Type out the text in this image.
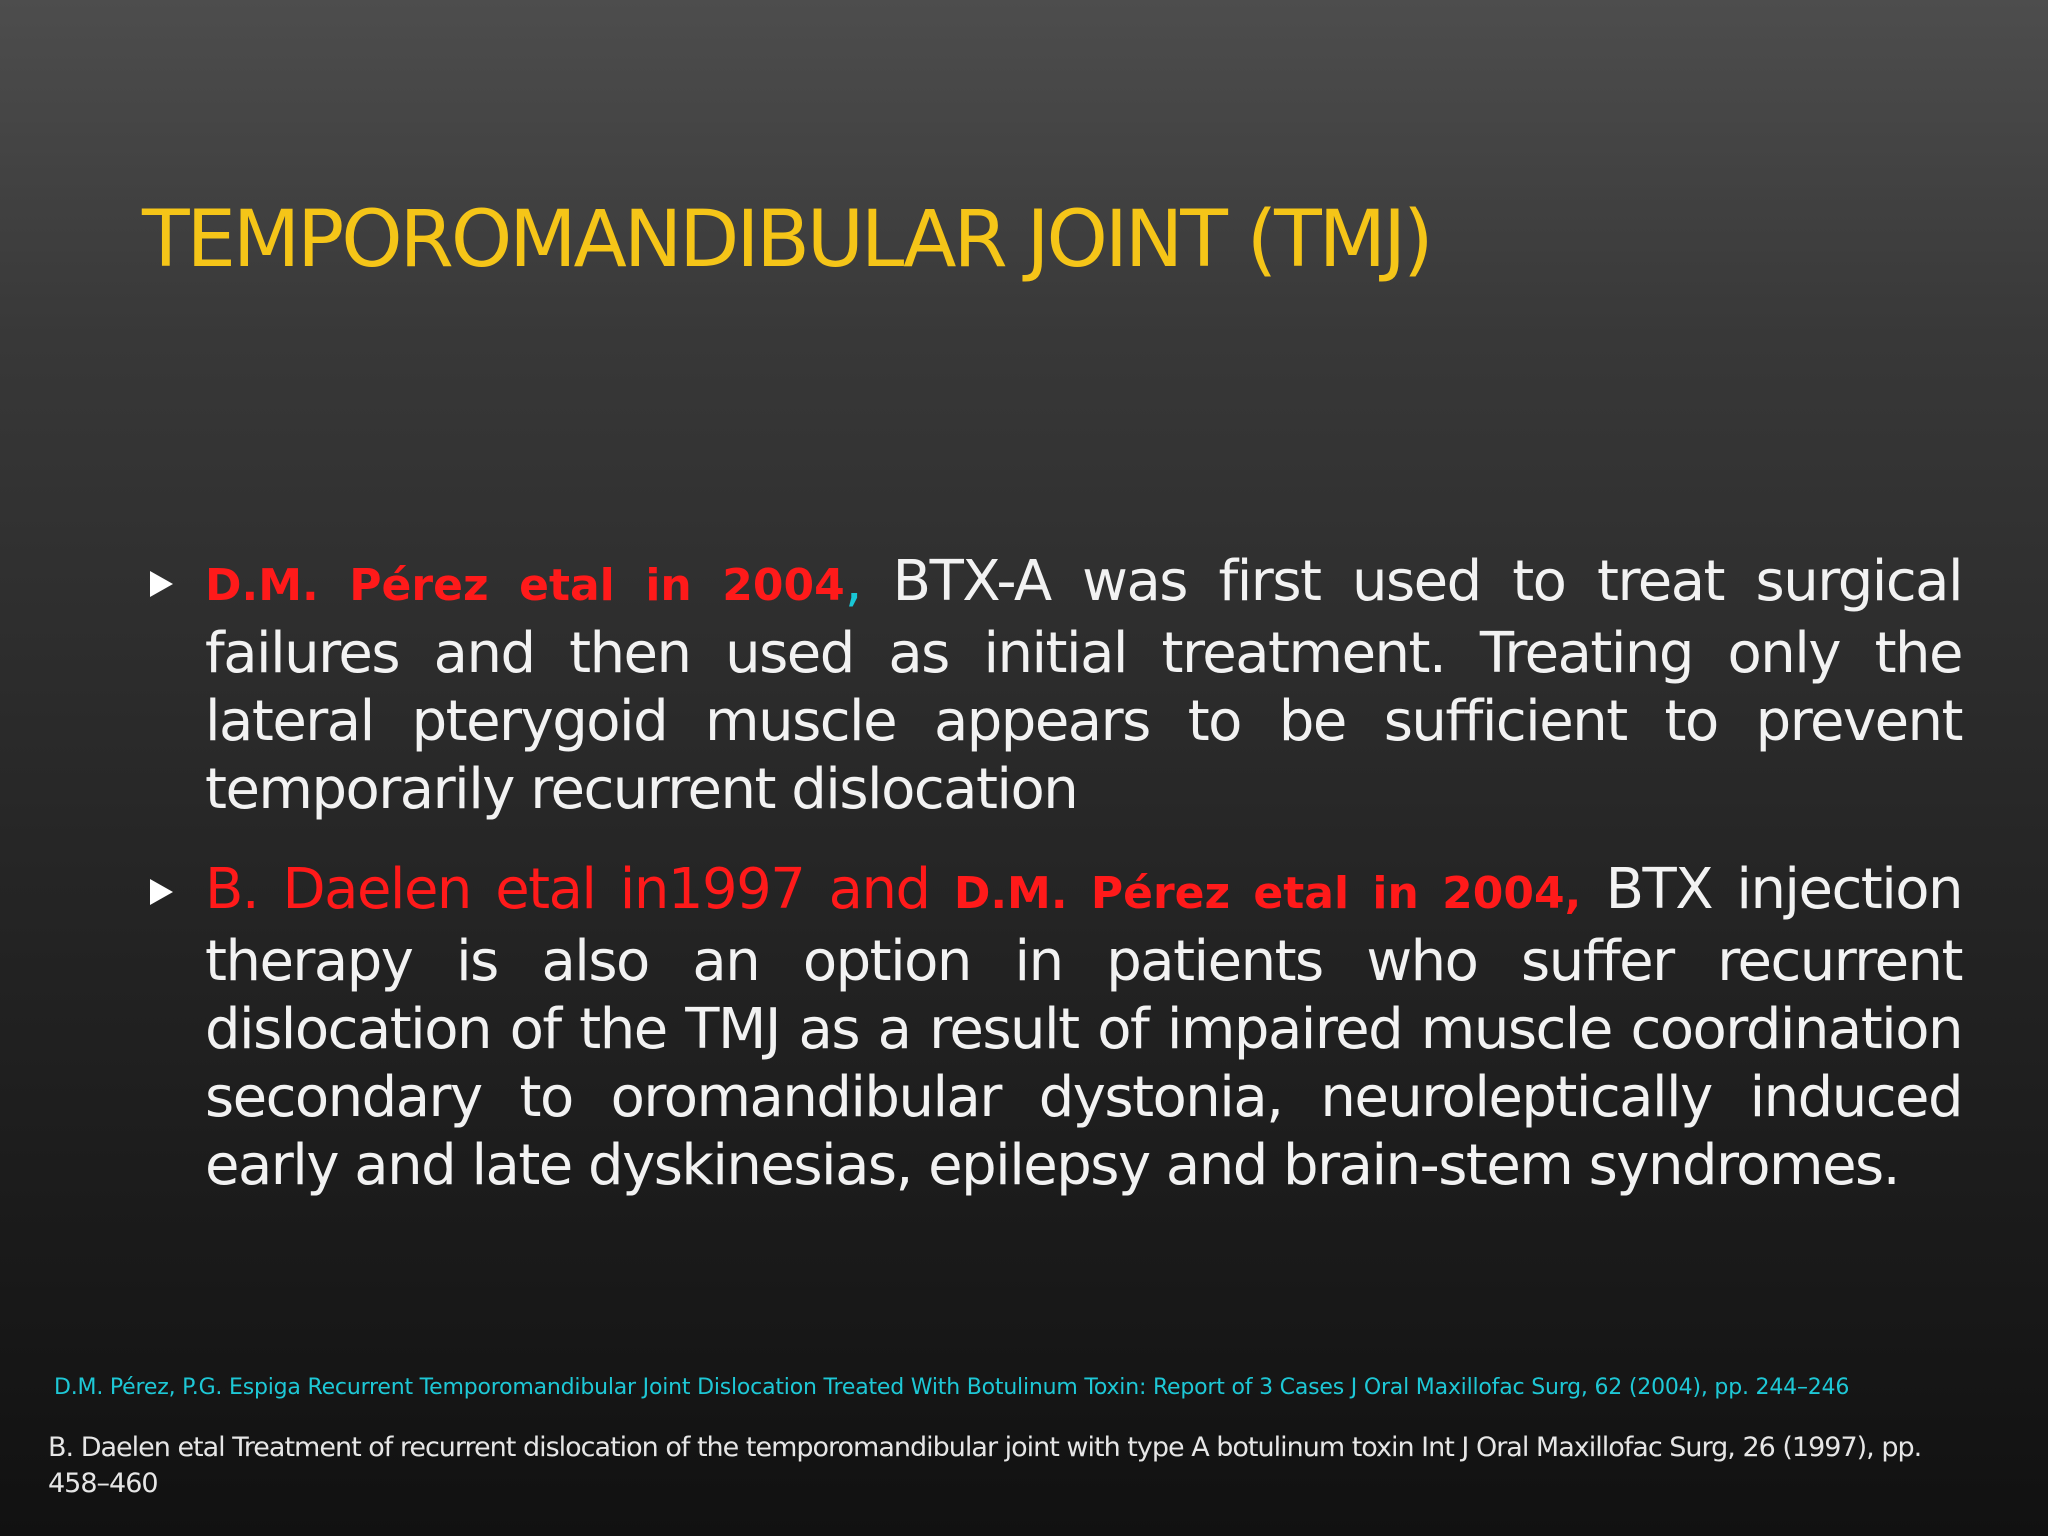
TEMPOROMANDIBULAR JOINT (TMJ)
D.M. Pérez etal in 2004, BTX-A was first used to treat surgical failures and then used as initial treatment. Treating only the lateral pterygoid muscle appears to be sufficient to prevent temporarily recurrent dislocation
B. Daelen etal in1997 and D.M. Pérez etal in 2004, BTX injection therapy is also an option in patients who suffer recurrent dislocation of the TMJ as a result of impaired muscle coordination secondary to oromandibular dystonia, neuroleptically induced early and late dyskinesias, epilepsy and brain-stem syndromes.
D.M. Pérez, P.G. Espiga Recurrent Temporomandibular Joint Dislocation Treated With Botulinum Toxin: Report of 3 Cases J Oral Maxillofac Surg, 62 (2004), pp. 244–246
B. Daelen etal Treatment of recurrent dislocation of the temporomandibular joint with type A botulinum toxin Int J Oral Maxillofac Surg, 26 (1997), pp. 458–460
